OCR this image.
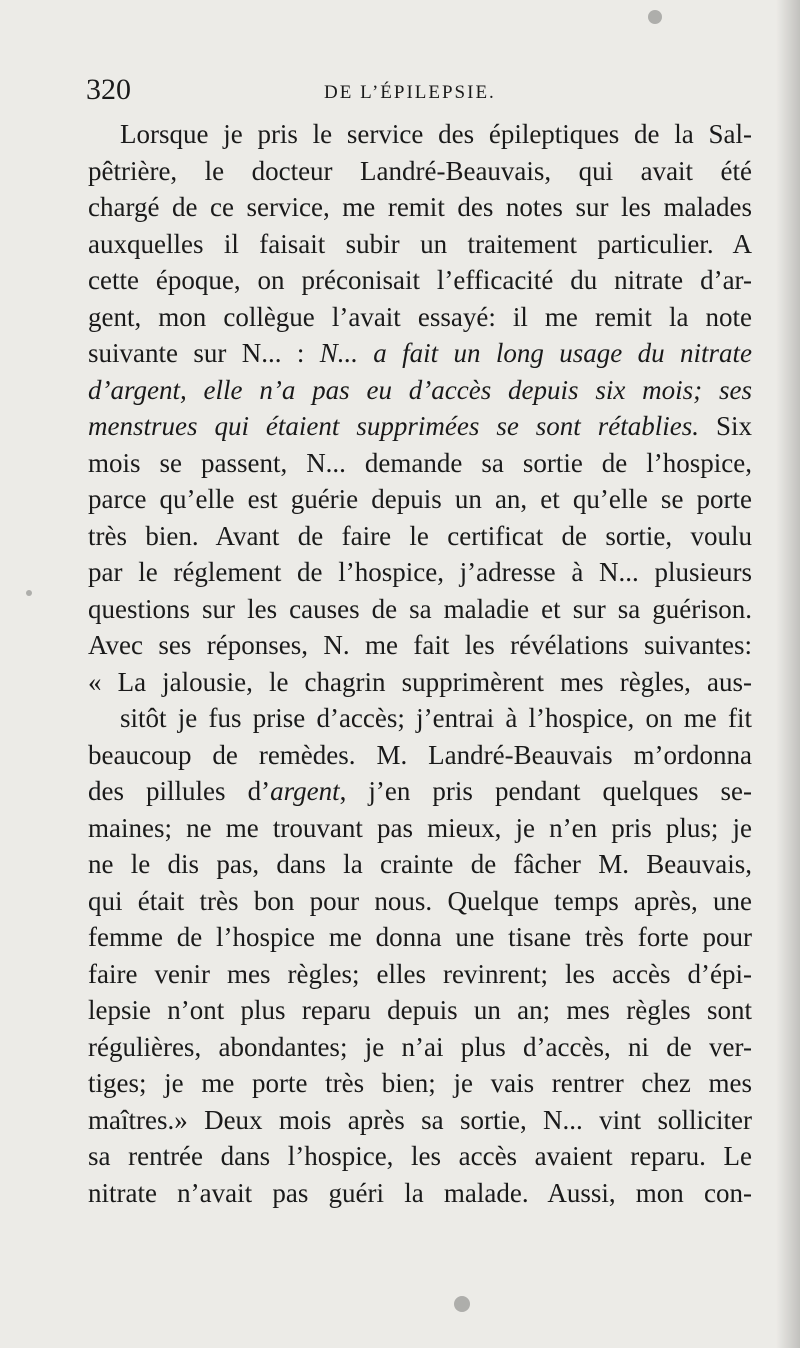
320	DE L’ÉPILEPSIE.
Lorsque je pris le service des épileptiques de la Sal-
pêtrière, le docteur Landré-Beauvais, qui avait été
chargé de ce service, me remit des notes sur les malades
auxquelles il faisait subir un traitement particulier. A
cette époque, on préconisait l’efficacité du nitrate d’ar-
gent, mon collègue l’avait essayé: il me remit la note
suivante sur N... : N... a fait un long usage du nitrate
d’argent, elle n’a pas eu d’accès depuis six mois; ses
menstrues qui étaient supprimées se sont rétablies. Six
mois se passent, N... demande sa sortie de l’hospice,
parce qu’elle est guérie depuis un an, et qu’elle se porte
très bien. Avant de faire le certificat de sortie, voulu
par le réglement de l’hospice, j’adresse à N... plusieurs
questions sur les causes de sa maladie et sur sa guérison.
Avec ses réponses, N. me fait les révélations suivantes:
« La jalousie, le chagrin supprimèrent mes règles, aus-
sitôt je fus prise d’accès; j’entrai à l’hospice, on me fit
beaucoup de remèdes. M. Landré-Beauvais m’ordonna
des pillules d’argent, j’en pris pendant quelques se-
maines; ne me trouvant pas mieux, je n’en pris plus; je
ne le dis pas, dans la crainte de fâcher M. Beauvais,
qui était très bon pour nous. Quelque temps après, une
femme de l’hospice me donna une tisane très forte pour
faire venir mes règles; elles revinrent; les accès d’épi-
lepsie n’ont plus reparu depuis un an; mes règles sont
régulières, abondantes; je n’ai plus d’accès, ni de ver-
tiges; je me porte très bien; je vais rentrer chez mes
maîtres.» Deux mois après sa sortie, N... vint solliciter
sa rentrée dans l’hospice, les accès avaient reparu. Le
nitrate n’avait pas guéri la malade. Aussi, mon con-
